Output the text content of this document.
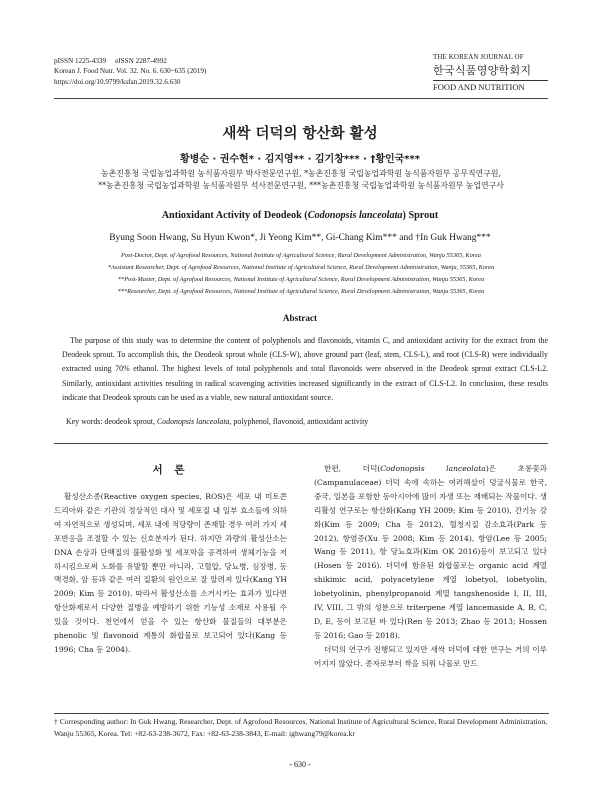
pISSN 1225-4339     eISSN 2287-4992
Korean J. Food Nutr. Vol. 32. No. 6. 630~635 (2019)
https://doi.org/10.9799/ksfan.2019.32.6.630
THE KOREAN JOURNAL OF
한국식품영양학회지
FOOD AND NUTRITION
새싹 더덕의 항산화 활성
황병순 · 권수현* · 김지영** · 김기창*** · †황인국***
농촌진흥청 국립농업과학원 농식품자원부 박사전문연구원, *농촌진흥청 국립농업과학원 농식품자원부 공무직연구원,
**농촌진흥청 국립농업과학원 농식품자원부 석사전문연구원, ***농촌진흥청 국립농업과학원 농식품자원부 농업연구사
Antioxidant Activity of Deodeok (Codonopsis lanceolata) Sprout
Byung Soon Hwang, Su Hyun Kwon*, Ji Yeong Kim**, Gi-Chang Kim*** and †In Guk Hwang***
Post-Doctor, Dept. of Agrofood Resources, National Institute of Agricultural Science, Rural Development Administration, Wanju 55365, Korea
*Assistant Researcher, Dept. of Agrofood Resources, National Institute of Agricultural Science, Rural Development Administration, Wanju, 55365, Korea
**Post-Master, Dept. of Agrofood Resources, National Institute of Agricultural Science, Rural Development Administration, Wanju 55365, Korea
***Researcher, Dept. of Agrofood Resources, National Institute of Agricultural Science, Rural Development Administration, Wanju 55365, Korea
Abstract

The purpose of this study was to determine the content of polyphenols and flavonoids, vitamin C, and antioxidant activity for the extract from the Deodeok sprout. To accomplish this, the Deodeok sprout whole (CLS-W), above ground part (leaf, stem, CLS-L), and root (CLS-R) were individually extracted using 70% ethanol. The highest levels of total polyphenols and total flavonoids were observed in the Deodeok sprout extract CLS-L2. Similarly, antioxidant activities resulting in radical scavenging activities increased significantly in the extract of CLS-L2. In conclusion, these results indicate that Deodeok sprouts can be used as a viable, new natural antioxidant source.

Key words: deodeok sprout, Codonopsis lanceolata, polyphenol, flavonoid, antioxidant activity
서 론

활성산소종(Reactive oxygen species, ROS)은 세포 내 미토콘드리아와 같은 기관의 정상적인 대사 및 세포질 내 일부 효소들에 의하여 자연적으로 생성되며, 세포 내에 적당량이 존재할 경우 여러 가지 세포반응을 조절할 수 있는 신호분자가 된다. 하지만 과량의 활성산소는 DNA 손상과 단백질의 불활성화 및 세포막을 공격하여 생체기능을 저하시킴으로써 노화를 유발할 뿐만 아니라, 고혈압, 당뇨병, 심장병, 동맥경화, 암 등과 같은 여러 질환의 원인으로 잘 알려져 있다(Kang YH 2009; Kim 등 2010). 따라서 활성산소를 소거시키는 효과가 있다면 항산화제로서 다양한 질병을 예방하기 위한 기능성 소재로 사용될 수 있을 것이다. 천연에서 얻을 수 있는 항산화 물질들의 대부분은 phenolic 및 flavonoid 계통의 화합물로 보고되어 있다(Kang 등 1996; Cha 등 2004).

한편, 더덕(Codonopsis lanceolata)은 초롱꽃과(Campanulaceae) 더덕 속에 속하는 여러해살이 덩굴식물로 한국, 중국, 일본을 포함한 동아시아에 많이 자생 또는 재배되는 작물이다. 생리활성 연구로는 항산화(Kang YH 2009; Kim 등 2010), 간기능 강화(Kim 등 2009; Cha 등 2012), 혈청지질 감소효과(Park 등 2012), 항염증(Xu 등 2008; Kim 등 2014), 항암(Lee 등 2005; Wang 등 2011), 항 당뇨효과(Kim OK 2016)등이 보고되고 있다(Hosen 등 2016). 더덕에 함유된 화합물로는 organic acid 계열 shikimic acid, polyacetylene 계열 lobetyol, lobetyolin, lobetyolinin, phenylpropanoid 계열 tangshenoside I, II, III, IV, VIII, 그 밖의 성분으로 triterpene 계열 lancemaside A, B, C, D, E, 등이 보고된 바 있다(Ren 등 2013; Zhao 등 2013; Hossen 등 2016; Gao 등 2018).

더덕의 연구가 진행되고 있지만 새싹 더덕에 대한 연구는 거의 이루어지지 않았다. 종자로부터 싹을 틔워 나물로 만드

† Corresponding author: In Guk Hwang, Researcher, Dept. of Agrofood Resources, National Institute of Agricultural Science, Rural Development Administration, Wanju 55365, Korea. Tel: +82-63-238-3672, Fax: +82-63-238-3843, E-mail: ighwang79@korea.kr
- 630 -
